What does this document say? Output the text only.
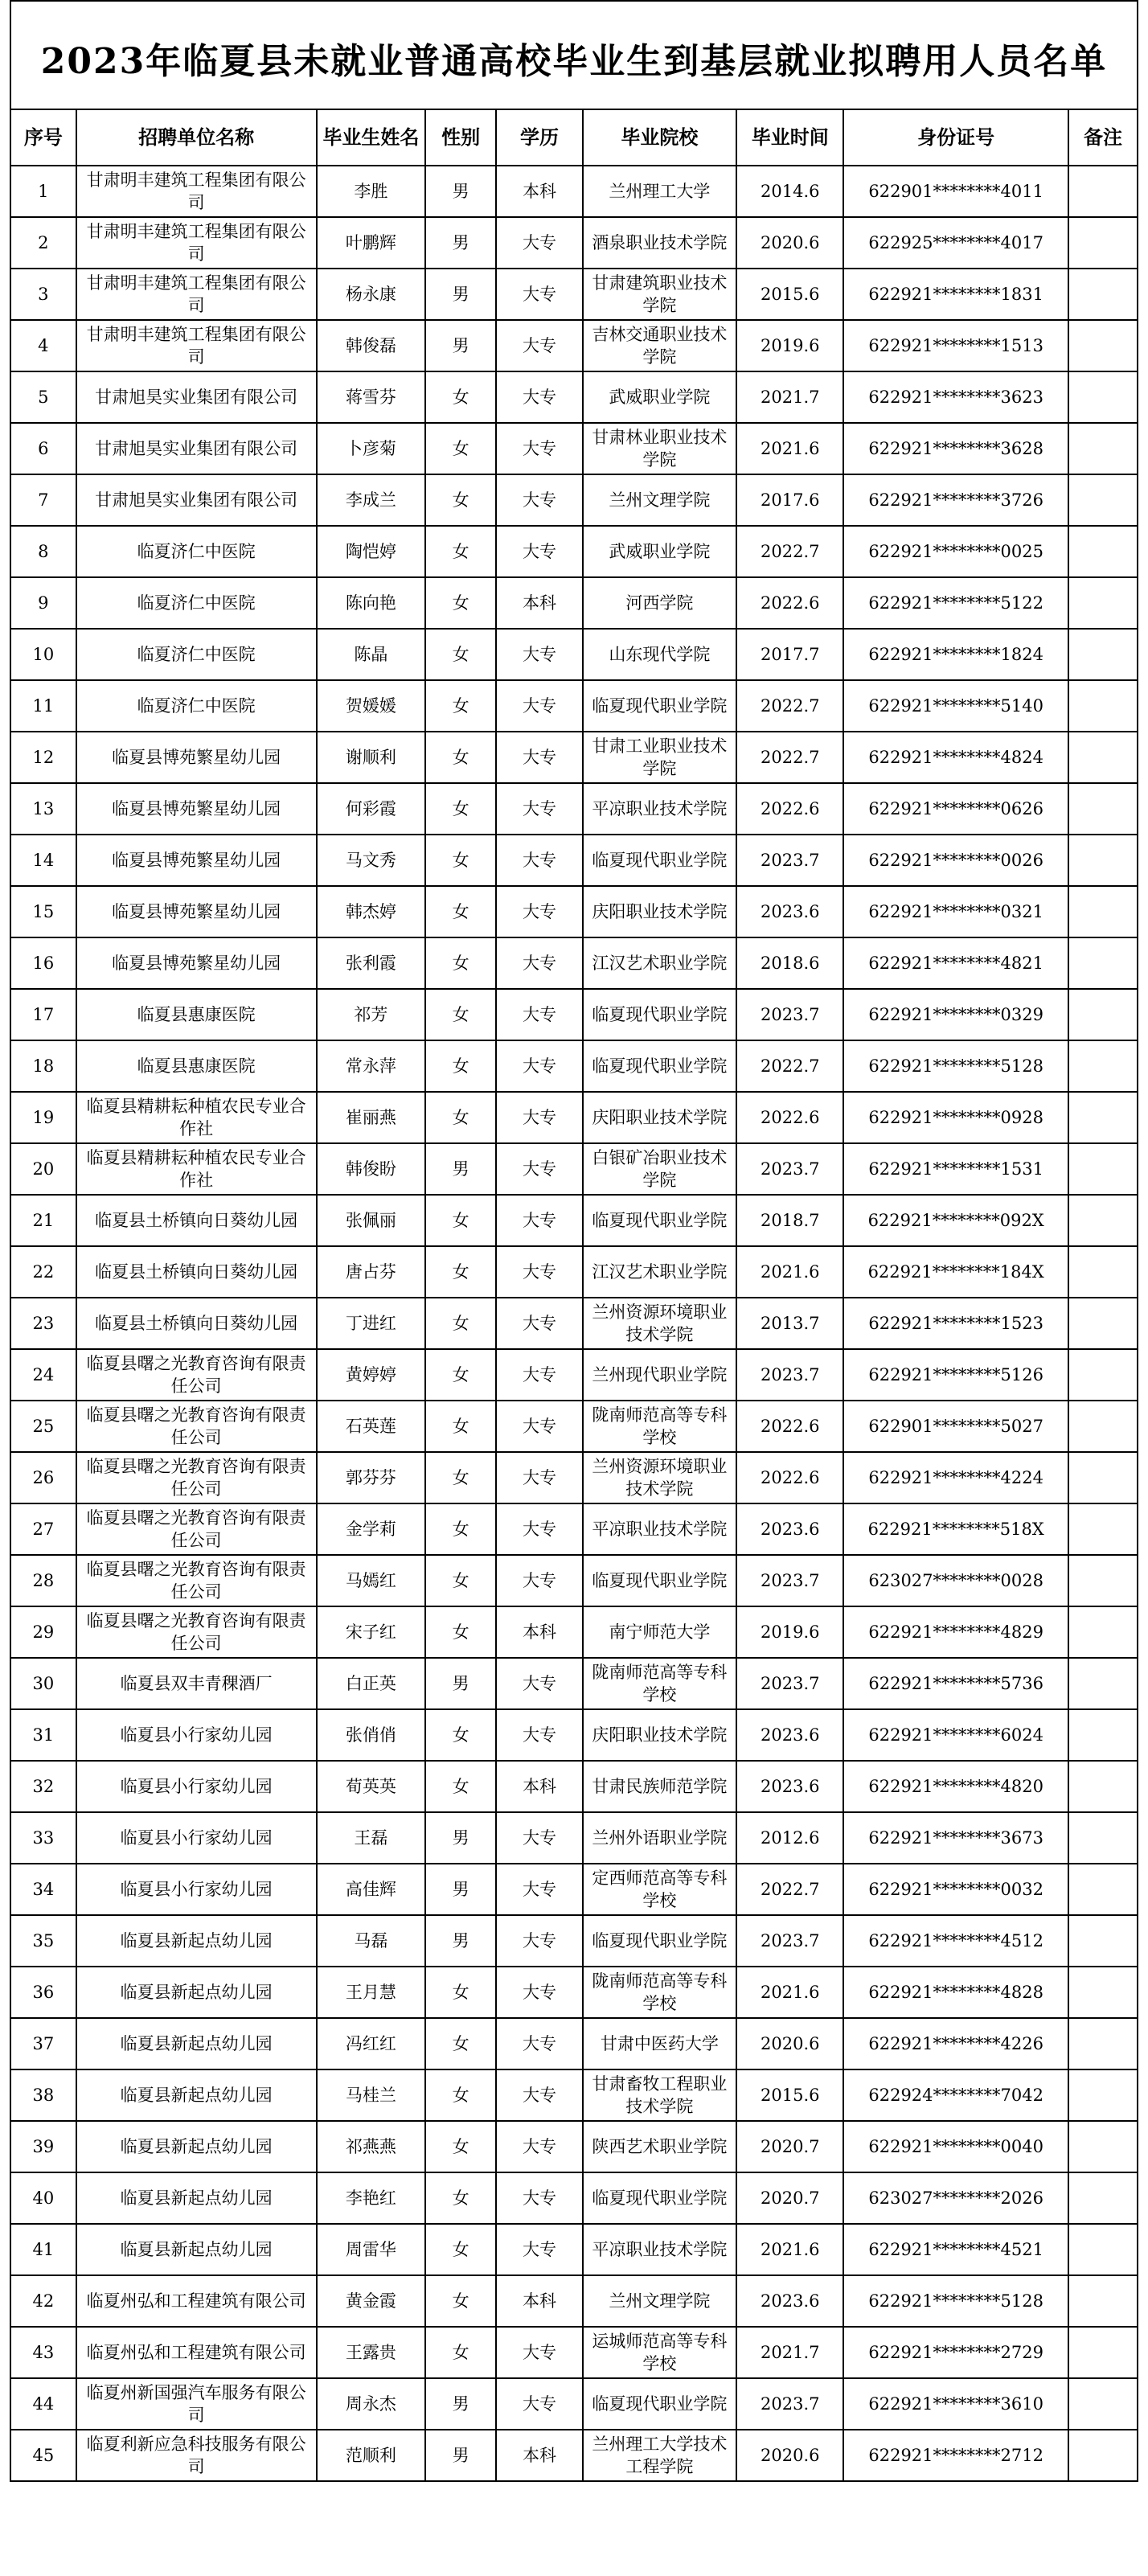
2023年临夏县未就业普通高校毕业生到基层就业拟聘用人员名单
序号	招聘单位名称	毕业生姓名	性别	学历	毕业院校	毕业时间	身份证号	备注
1	甘肃明丰建筑工程集团有限公司	李胜	男	本科	兰州理工大学	2014.6	622901********4011	
2	甘肃明丰建筑工程集团有限公司	叶鹏辉	男	大专	酒泉职业技术学院	2020.6	622925********4017	
3	甘肃明丰建筑工程集团有限公司	杨永康	男	大专	甘肃建筑职业技术学院	2015.6	622921********1831	
4	甘肃明丰建筑工程集团有限公司	韩俊磊	男	大专	吉林交通职业技术学院	2019.6	622921********1513	
5	甘肃旭昊实业集团有限公司	蒋雪芬	女	大专	武威职业学院	2021.7	622921********3623	
6	甘肃旭昊实业集团有限公司	卜彦菊	女	大专	甘肃林业职业技术学院	2021.6	622921********3628	
7	甘肃旭昊实业集团有限公司	李成兰	女	大专	兰州文理学院	2017.6	622921********3726	
8	临夏济仁中医院	陶恺婷	女	大专	武威职业学院	2022.7	622921********0025	
9	临夏济仁中医院	陈向艳	女	本科	河西学院	2022.6	622921********5122	
10	临夏济仁中医院	陈晶	女	大专	山东现代学院	2017.7	622921********1824	
11	临夏济仁中医院	贺媛媛	女	大专	临夏现代职业学院	2022.7	622921********5140	
12	临夏县博苑繁星幼儿园	谢顺利	女	大专	甘肃工业职业技术学院	2022.7	622921********4824	
13	临夏县博苑繁星幼儿园	何彩霞	女	大专	平凉职业技术学院	2022.6	622921********0626	
14	临夏县博苑繁星幼儿园	马文秀	女	大专	临夏现代职业学院	2023.7	622921********0026	
15	临夏县博苑繁星幼儿园	韩杰婷	女	大专	庆阳职业技术学院	2023.6	622921********0321	
16	临夏县博苑繁星幼儿园	张利霞	女	大专	江汉艺术职业学院	2018.6	622921********4821	
17	临夏县惠康医院	祁芳	女	大专	临夏现代职业学院	2023.7	622921********0329	
18	临夏县惠康医院	常永萍	女	大专	临夏现代职业学院	2022.7	622921********5128	
19	临夏县精耕耘种植农民专业合作社	崔丽燕	女	大专	庆阳职业技术学院	2022.6	622921********0928	
20	临夏县精耕耘种植农民专业合作社	韩俊盼	男	大专	白银矿冶职业技术学院	2023.7	622921********1531	
21	临夏县土桥镇向日葵幼儿园	张佩丽	女	大专	临夏现代职业学院	2018.7	622921********092X	
22	临夏县土桥镇向日葵幼儿园	唐占芬	女	大专	江汉艺术职业学院	2021.6	622921********184X	
23	临夏县土桥镇向日葵幼儿园	丁进红	女	大专	兰州资源环境职业技术学院	2013.7	622921********1523	
24	临夏县曙之光教育咨询有限责任公司	黄婷婷	女	大专	兰州现代职业学院	2023.7	622921********5126	
25	临夏县曙之光教育咨询有限责任公司	石英莲	女	大专	陇南师范高等专科学校	2022.6	622901********5027	
26	临夏县曙之光教育咨询有限责任公司	郭芬芬	女	大专	兰州资源环境职业技术学院	2022.6	622921********4224	
27	临夏县曙之光教育咨询有限责任公司	金学莉	女	大专	平凉职业技术学院	2023.6	622921********518X	
28	临夏县曙之光教育咨询有限责任公司	马嫣红	女	大专	临夏现代职业学院	2023.7	623027********0028	
29	临夏县曙之光教育咨询有限责任公司	宋子红	女	本科	南宁师范大学	2019.6	622921********4829	
30	临夏县双丰青稞酒厂	白正英	男	大专	陇南师范高等专科学校	2023.7	622921********5736	
31	临夏县小行家幼儿园	张俏俏	女	大专	庆阳职业技术学院	2023.6	622921********6024	
32	临夏县小行家幼儿园	荀英英	女	本科	甘肃民族师范学院	2023.6	622921********4820	
33	临夏县小行家幼儿园	王磊	男	大专	兰州外语职业学院	2012.6	622921********3673	
34	临夏县小行家幼儿园	高佳辉	男	大专	定西师范高等专科学校	2022.7	622921********0032	
35	临夏县新起点幼儿园	马磊	男	大专	临夏现代职业学院	2023.7	622921********4512	
36	临夏县新起点幼儿园	王月慧	女	大专	陇南师范高等专科学校	2021.6	622921********4828	
37	临夏县新起点幼儿园	冯红红	女	大专	甘肃中医药大学	2020.6	622921********4226	
38	临夏县新起点幼儿园	马桂兰	女	大专	甘肃畜牧工程职业技术学院	2015.6	622924********7042	
39	临夏县新起点幼儿园	祁燕燕	女	大专	陕西艺术职业学院	2020.7	622921********0040	
40	临夏县新起点幼儿园	李艳红	女	大专	临夏现代职业学院	2020.7	623027********2026	
41	临夏县新起点幼儿园	周雷华	女	大专	平凉职业技术学院	2021.6	622921********4521	
42	临夏州弘和工程建筑有限公司	黄金霞	女	本科	兰州文理学院	2023.6	622921********5128	
43	临夏州弘和工程建筑有限公司	王露贵	女	大专	运城师范高等专科学校	2021.7	622921********2729	
44	临夏州新国强汽车服务有限公司	周永杰	男	大专	临夏现代职业学院	2023.7	622921********3610	
45	临夏利新应急科技服务有限公司	范顺利	男	本科	兰州理工大学技术工程学院	2020.6	622921********2712	
